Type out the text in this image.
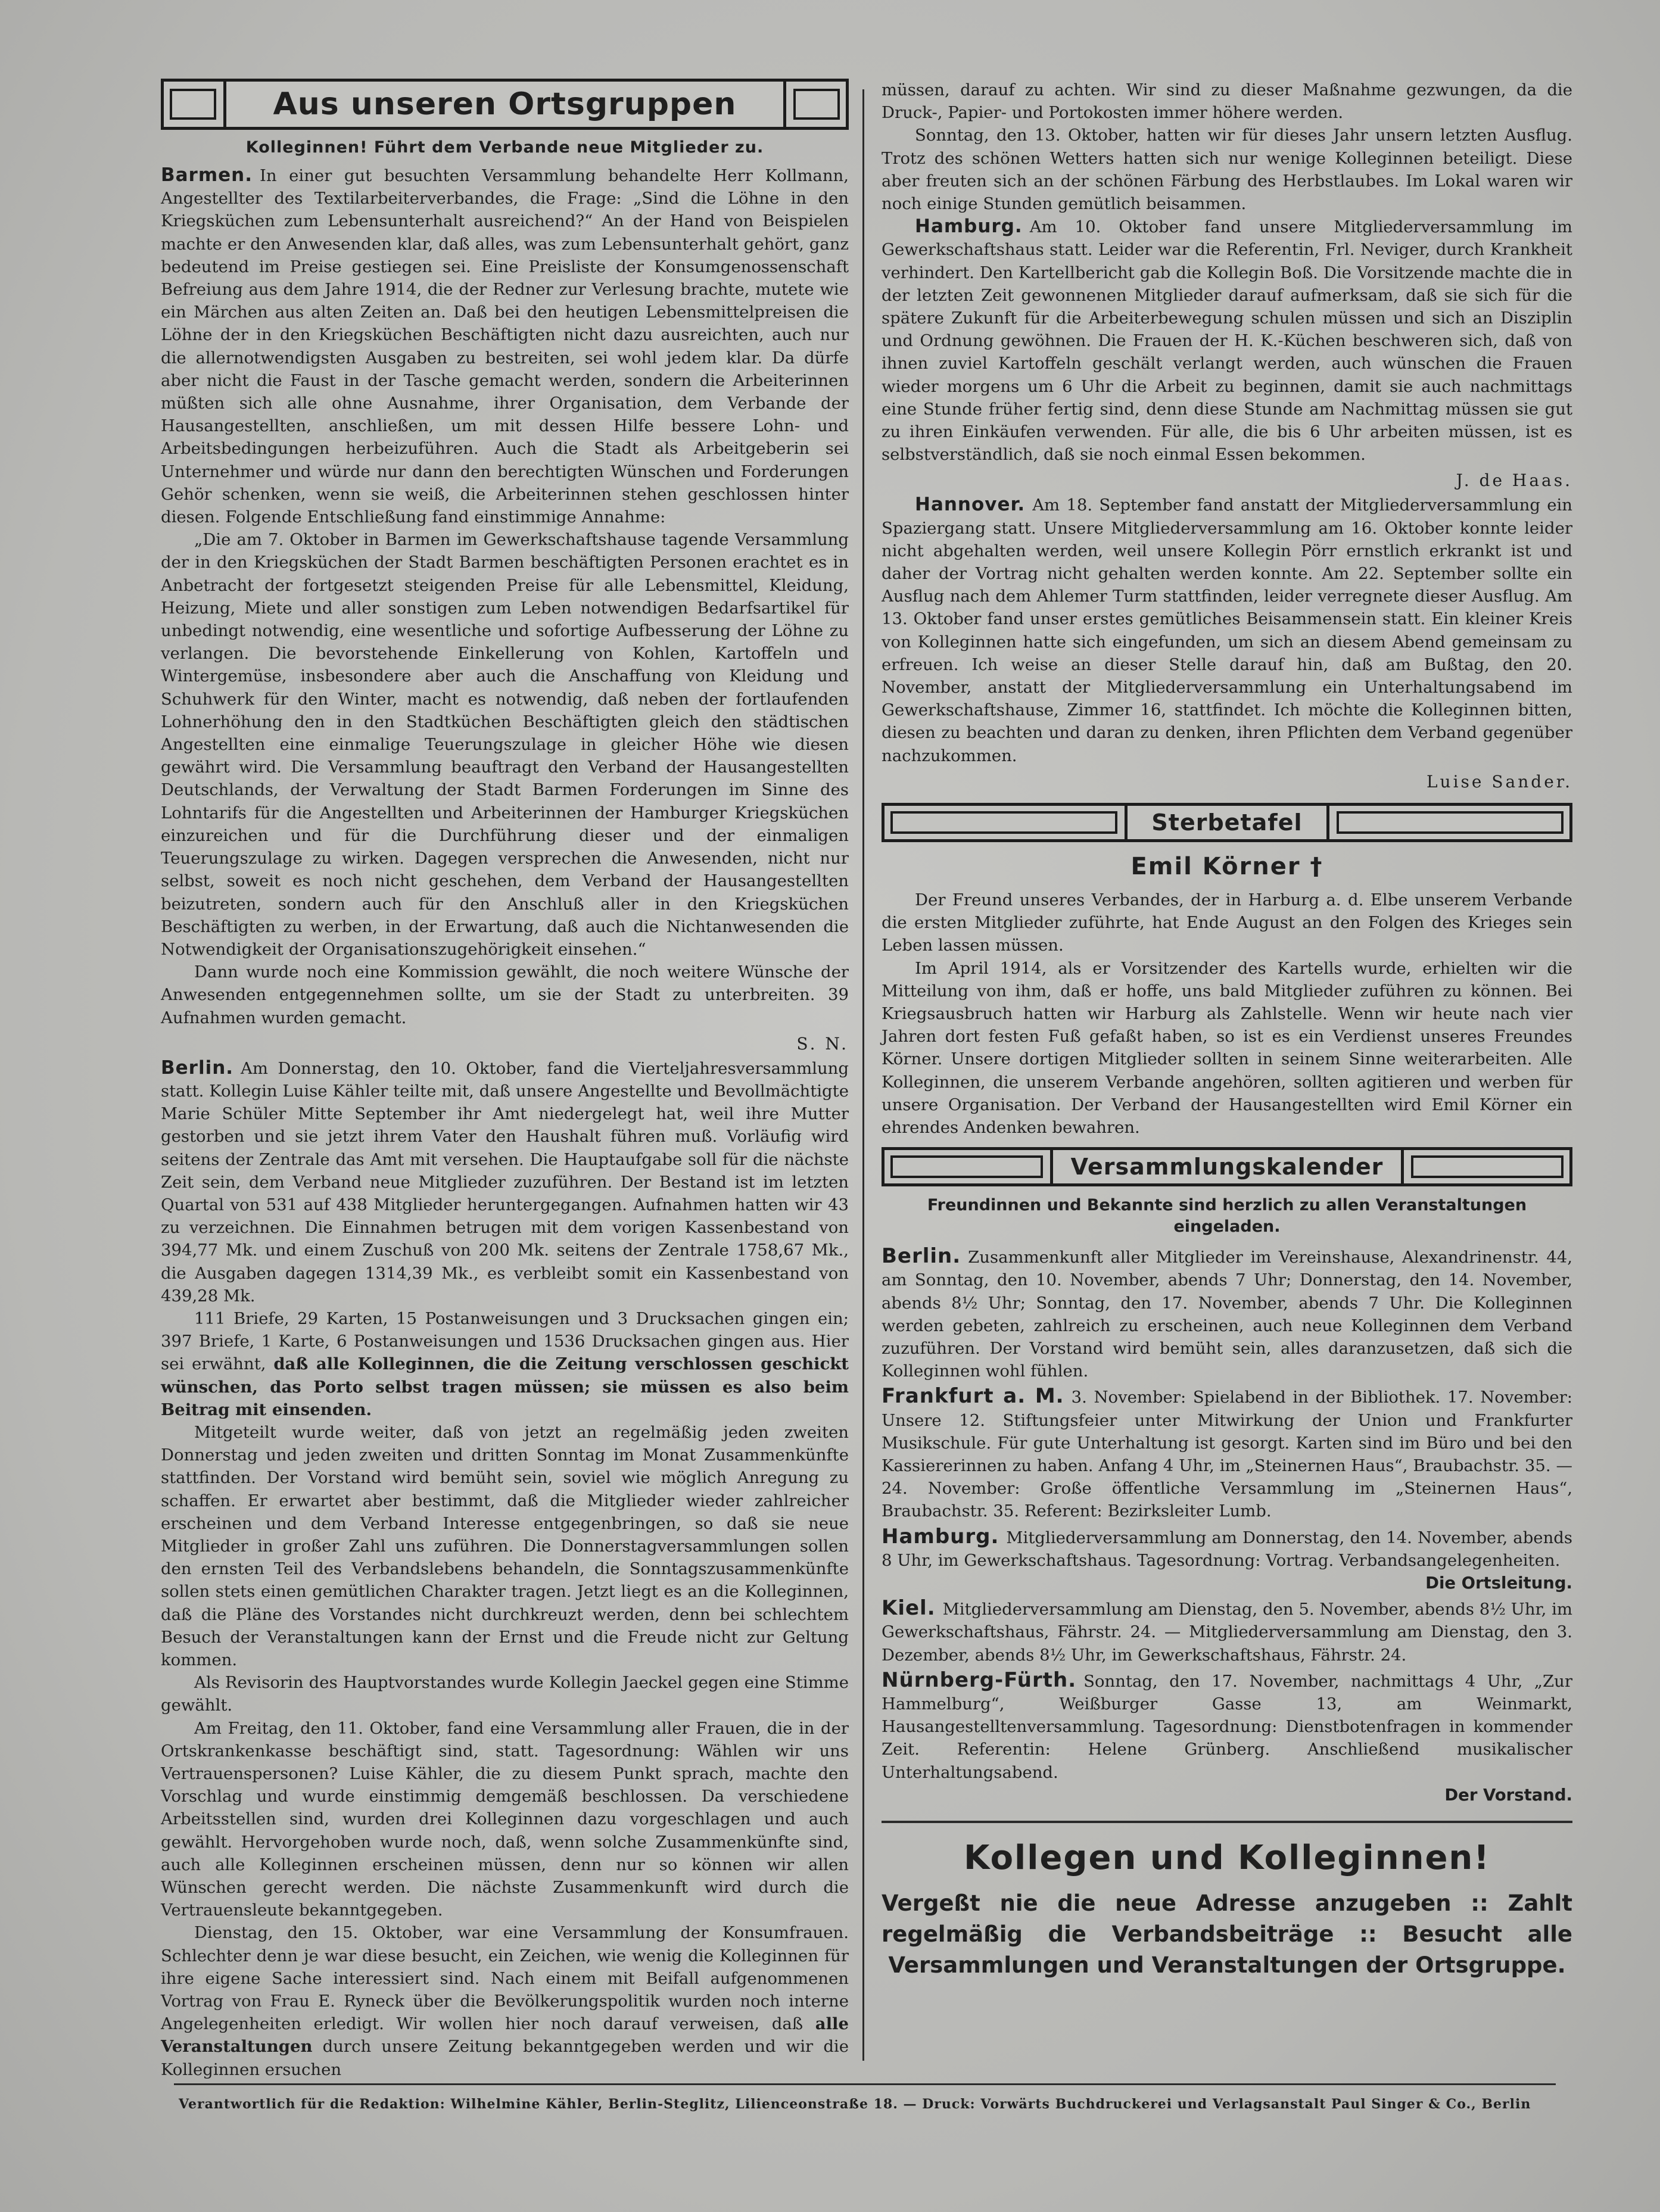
Aus unseren Ortsgruppen
Kolleginnen! Führt dem Verbande neue Mitglieder zu.

Barmen. In einer gut besuchten Versammlung behandelte Herr Kollmann, Angestellter des Textilarbeiterverbandes, die Frage: „Sind die Löhne in den Kriegsküchen zum Lebensunterhalt ausreichend?“ An der Hand von Beispielen machte er den Anwesenden klar, daß alles, was zum Lebensunterhalt gehört, ganz bedeutend im Preise gestiegen sei. Eine Preisliste der Konsumgenossenschaft Befreiung aus dem Jahre 1914, die der Redner zur Verlesung brachte, mutete wie ein Märchen aus alten Zeiten an. Daß bei den heutigen Lebensmittelpreisen die Löhne der in den Kriegsküchen Beschäftigten nicht dazu ausreichten, auch nur die allernotwendigsten Ausgaben zu bestreiten, sei wohl jedem klar. Da dürfe aber nicht die Faust in der Tasche gemacht werden, sondern die Arbeiterinnen müßten sich alle ohne Ausnahme, ihrer Organisation, dem Verbande der Hausangestellten, anschließen, um mit dessen Hilfe bessere Lohn- und Arbeitsbedingungen herbeizuführen. Auch die Stadt als Arbeitgeberin sei Unternehmer und würde nur dann den berechtigten Wünschen und Forderungen Gehör schenken, wenn sie weiß, die Arbeiterinnen stehen geschlossen hinter diesen. Folgende Entschließung fand einstimmige Annahme:

„Die am 7. Oktober in Barmen im Gewerkschaftshause tagende Versammlung der in den Kriegsküchen der Stadt Barmen beschäftigten Personen erachtet es in Anbetracht der fortgesetzt steigenden Preise für alle Lebensmittel, Kleidung, Heizung, Miete und aller sonstigen zum Leben notwendigen Bedarfsartikel für unbedingt notwendig, eine wesentliche und sofortige Aufbesserung der Löhne zu verlangen. Die bevorstehende Einkellerung von Kohlen, Kartoffeln und Wintergemüse, insbesondere aber auch die Anschaffung von Kleidung und Schuhwerk für den Winter, macht es notwendig, daß neben der fortlaufenden Lohnerhöhung den in den Stadtküchen Beschäftigten gleich den städtischen Angestellten eine einmalige Teuerungszulage in gleicher Höhe wie diesen gewährt wird. Die Versammlung beauftragt den Verband der Hausangestellten Deutschlands, der Verwaltung der Stadt Barmen Forderungen im Sinne des Lohntarifs für die Angestellten und Arbeiterinnen der Hamburger Kriegsküchen einzureichen und für die Durchführung dieser und der einmaligen Teuerungszulage zu wirken. Dagegen versprechen die Anwesenden, nicht nur selbst, soweit es noch nicht geschehen, dem Verband der Hausangestellten beizutreten, sondern auch für den Anschluß aller in den Kriegsküchen Beschäftigten zu werben, in der Erwartung, daß auch die Nichtanwesenden die Notwendigkeit der Organisationszugehörigkeit einsehen.“

Dann wurde noch eine Kommission gewählt, die noch weitere Wünsche der Anwesenden entgegennehmen sollte, um sie der Stadt zu unterbreiten. 39 Aufnahmen wurden gemacht.

S. N.

Berlin. Am Donnerstag, den 10. Oktober, fand die Vierteljahresversammlung statt. Kollegin Luise Kähler teilte mit, daß unsere Angestellte und Bevollmächtigte Marie Schüler Mitte September ihr Amt niedergelegt hat, weil ihre Mutter gestorben und sie jetzt ihrem Vater den Haushalt führen muß. Vorläufig wird seitens der Zentrale das Amt mit versehen. Die Hauptaufgabe soll für die nächste Zeit sein, dem Verband neue Mitglieder zuzuführen. Der Bestand ist im letzten Quartal von 531 auf 438 Mitglieder heruntergegangen. Aufnahmen hatten wir 43 zu verzeichnen. Die Einnahmen betrugen mit dem vorigen Kassenbestand von 394,77 Mk. und einem Zuschuß von 200 Mk. seitens der Zentrale 1758,67 Mk., die Ausgaben dagegen 1314,39 Mk., es verbleibt somit ein Kassenbestand von 439,28 Mk.

111 Briefe, 29 Karten, 15 Postanweisungen und 3 Drucksachen gingen ein; 397 Briefe, 1 Karte, 6 Postanweisungen und 1536 Drucksachen gingen aus. Hier sei erwähnt, daß alle Kolleginnen, die die Zeitung verschlossen geschickt wünschen, das Porto selbst tragen müssen; sie müssen es also beim Beitrag mit einsenden.

Mitgeteilt wurde weiter, daß von jetzt an regelmäßig jeden zweiten Donnerstag und jeden zweiten und dritten Sonntag im Monat Zusammenkünfte stattfinden. Der Vorstand wird bemüht sein, soviel wie möglich Anregung zu schaffen. Er erwartet aber bestimmt, daß die Mitglieder wieder zahlreicher erscheinen und dem Verband Interesse entgegenbringen, so daß sie neue Mitglieder in großer Zahl uns zuführen. Die Donnerstagversammlungen sollen den ernsten Teil des Verbandslebens behandeln, die Sonntagszusammenkünfte sollen stets einen gemütlichen Charakter tragen. Jetzt liegt es an die Kolleginnen, daß die Pläne des Vorstandes nicht durchkreuzt werden, denn bei schlechtem Besuch der Veranstaltungen kann der Ernst und die Freude nicht zur Geltung kommen.

Als Revisorin des Hauptvorstandes wurde Kollegin Jaeckel gegen eine Stimme gewählt.

Am Freitag, den 11. Oktober, fand eine Versammlung aller Frauen, die in der Ortskrankenkasse beschäftigt sind, statt. Tagesordnung: Wählen wir uns Vertrauenspersonen? Luise Kähler, die zu diesem Punkt sprach, machte den Vorschlag und wurde einstimmig demgemäß beschlossen. Da verschiedene Arbeitsstellen sind, wurden drei Kolleginnen dazu vorgeschlagen und auch gewählt. Hervorgehoben wurde noch, daß, wenn solche Zusammenkünfte sind, auch alle Kolleginnen erscheinen müssen, denn nur so können wir allen Wünschen gerecht werden. Die nächste Zusammenkunft wird durch die Vertrauensleute bekanntgegeben.

Dienstag, den 15. Oktober, war eine Versammlung der Konsumfrauen. Schlechter denn je war diese besucht, ein Zeichen, wie wenig die Kolleginnen für ihre eigene Sache interessiert sind. Nach einem mit Beifall aufgenommenen Vortrag von Frau E. Ryneck über die Bevölkerungspolitik wurden noch interne Angelegenheiten erledigt. Wir wollen hier noch darauf verweisen, daß alle Veranstaltungen durch unsere Zeitung bekanntgegeben werden und wir die Kolleginnen ersuchen

müssen, darauf zu achten. Wir sind zu dieser Maßnahme gezwungen, da die Druck-, Papier- und Portokosten immer höhere werden.

Sonntag, den 13. Oktober, hatten wir für dieses Jahr unsern letzten Ausflug. Trotz des schönen Wetters hatten sich nur wenige Kolleginnen beteiligt. Diese aber freuten sich an der schönen Färbung des Herbstlaubes. Im Lokal waren wir noch einige Stunden gemütlich beisammen.

Hamburg. Am 10. Oktober fand unsere Mitgliederversammlung im Gewerkschaftshaus statt. Leider war die Referentin, Frl. Neviger, durch Krankheit verhindert. Den Kartellbericht gab die Kollegin Boß. Die Vorsitzende machte die in der letzten Zeit gewonnenen Mitglieder darauf aufmerksam, daß sie sich für die spätere Zukunft für die Arbeiterbewegung schulen müssen und sich an Disziplin und Ordnung gewöhnen. Die Frauen der H. K.-Küchen beschweren sich, daß von ihnen zuviel Kartoffeln geschält verlangt werden, auch wünschen die Frauen wieder morgens um 6 Uhr die Arbeit zu beginnen, damit sie auch nachmittags eine Stunde früher fertig sind, denn diese Stunde am Nachmittag müssen sie gut zu ihren Einkäufen verwenden. Für alle, die bis 6 Uhr arbeiten müssen, ist es selbstverständlich, daß sie noch einmal Essen bekommen.

J. de Haas.

Hannover. Am 18. September fand anstatt der Mitgliederversammlung ein Spaziergang statt. Unsere Mitgliederversammlung am 16. Oktober konnte leider nicht abgehalten werden, weil unsere Kollegin Pörr ernstlich erkrankt ist und daher der Vortrag nicht gehalten werden konnte. Am 22. September sollte ein Ausflug nach dem Ahlemer Turm stattfinden, leider verregnete dieser Ausflug. Am 13. Oktober fand unser erstes gemütliches Beisammensein statt. Ein kleiner Kreis von Kolleginnen hatte sich eingefunden, um sich an diesem Abend gemeinsam zu erfreuen. Ich weise an dieser Stelle darauf hin, daß am Bußtag, den 20. November, anstatt der Mitgliederversammlung ein Unterhaltungsabend im Gewerkschaftshause, Zimmer 16, stattfindet. Ich möchte die Kolleginnen bitten, diesen zu beachten und daran zu denken, ihren Pflichten dem Verband gegenüber nachzukommen.

Luise Sander.
Sterbetafel
Emil Körner †

Der Freund unseres Verbandes, der in Harburg a. d. Elbe unserem Verbande die ersten Mitglieder zuführte, hat Ende August an den Folgen des Krieges sein Leben lassen müssen.

Im April 1914, als er Vorsitzender des Kartells wurde, erhielten wir die Mitteilung von ihm, daß er hoffe, uns bald Mitglieder zuführen zu können. Bei Kriegsausbruch hatten wir Harburg als Zahlstelle. Wenn wir heute nach vier Jahren dort festen Fuß gefaßt haben, so ist es ein Verdienst unseres Freundes Körner. Unsere dortigen Mitglieder sollten in seinem Sinne weiterarbeiten. Alle Kolleginnen, die unserem Verbande angehören, sollten agitieren und werben für unsere Organisation. Der Verband der Hausangestellten wird Emil Körner ein ehrendes Andenken bewahren.

Versammlungskalender
Freundinnen und Bekannte sind herzlich zu allen Veranstaltungen eingeladen.
Berlin. Zusammenkunft aller Mitglieder im Vereinshause, Alexandrinenstr. 44, am Sonntag, den 10. November, abends 7 Uhr; Donnerstag, den 14. November, abends 8½ Uhr; Sonntag, den 17. November, abends 7 Uhr. Die Kolleginnen werden gebeten, zahlreich zu erscheinen, auch neue Kolleginnen dem Verband zuzuführen. Der Vorstand wird bemüht sein, alles daranzusetzen, daß sich die Kolleginnen wohl fühlen.
Frankfurt a. M. 3. November: Spielabend in der Bibliothek. 17. November: Unsere 12. Stiftungsfeier unter Mitwirkung der Union und Frankfurter Musikschule. Für gute Unterhaltung ist gesorgt. Karten sind im Büro und bei den Kassiererinnen zu haben. Anfang 4 Uhr, im „Steinernen Haus“, Braubachstr. 35. — 24. November: Große öffentliche Versammlung im „Steinernen Haus“, Braubachstr. 35. Referent: Bezirksleiter Lumb.
Hamburg. Mitgliederversammlung am Donnerstag, den 14. November, abends 8 Uhr, im Gewerkschaftshaus. Tagesordnung: Vortrag. Verbandsangelegenheiten.
Die Ortsleitung.
Kiel. Mitgliederversammlung am Dienstag, den 5. November, abends 8½ Uhr, im Gewerkschaftshaus, Fährstr. 24. — Mitgliederversammlung am Dienstag, den 3. Dezember, abends 8½ Uhr, im Gewerkschaftshaus, Fährstr. 24.
Nürnberg-Fürth. Sonntag, den 17. November, nachmittags 4 Uhr, „Zur Hammelburg“, Weißburger Gasse 13, am Weinmarkt, Hausangestelltenversammlung. Tagesordnung: Dienstbotenfragen in kommender Zeit. Referentin: Helene Grünberg. Anschließend musikalischer Unterhaltungsabend.
Der Vorstand.
Kollegen und Kolleginnen!
Vergeßt nie die neue Adresse anzugeben :: Zahlt regelmäßig die Verbandsbeiträge :: Besucht alle Versammlungen und Veranstaltungen der Ortsgruppe.
Verantwortlich für die Redaktion: Wilhelmine Kähler, Berlin-Steglitz, Lilienceonstraße 18. — Druck: Vorwärts Buchdruckerei und Verlagsanstalt Paul Singer & Co., Berlin
